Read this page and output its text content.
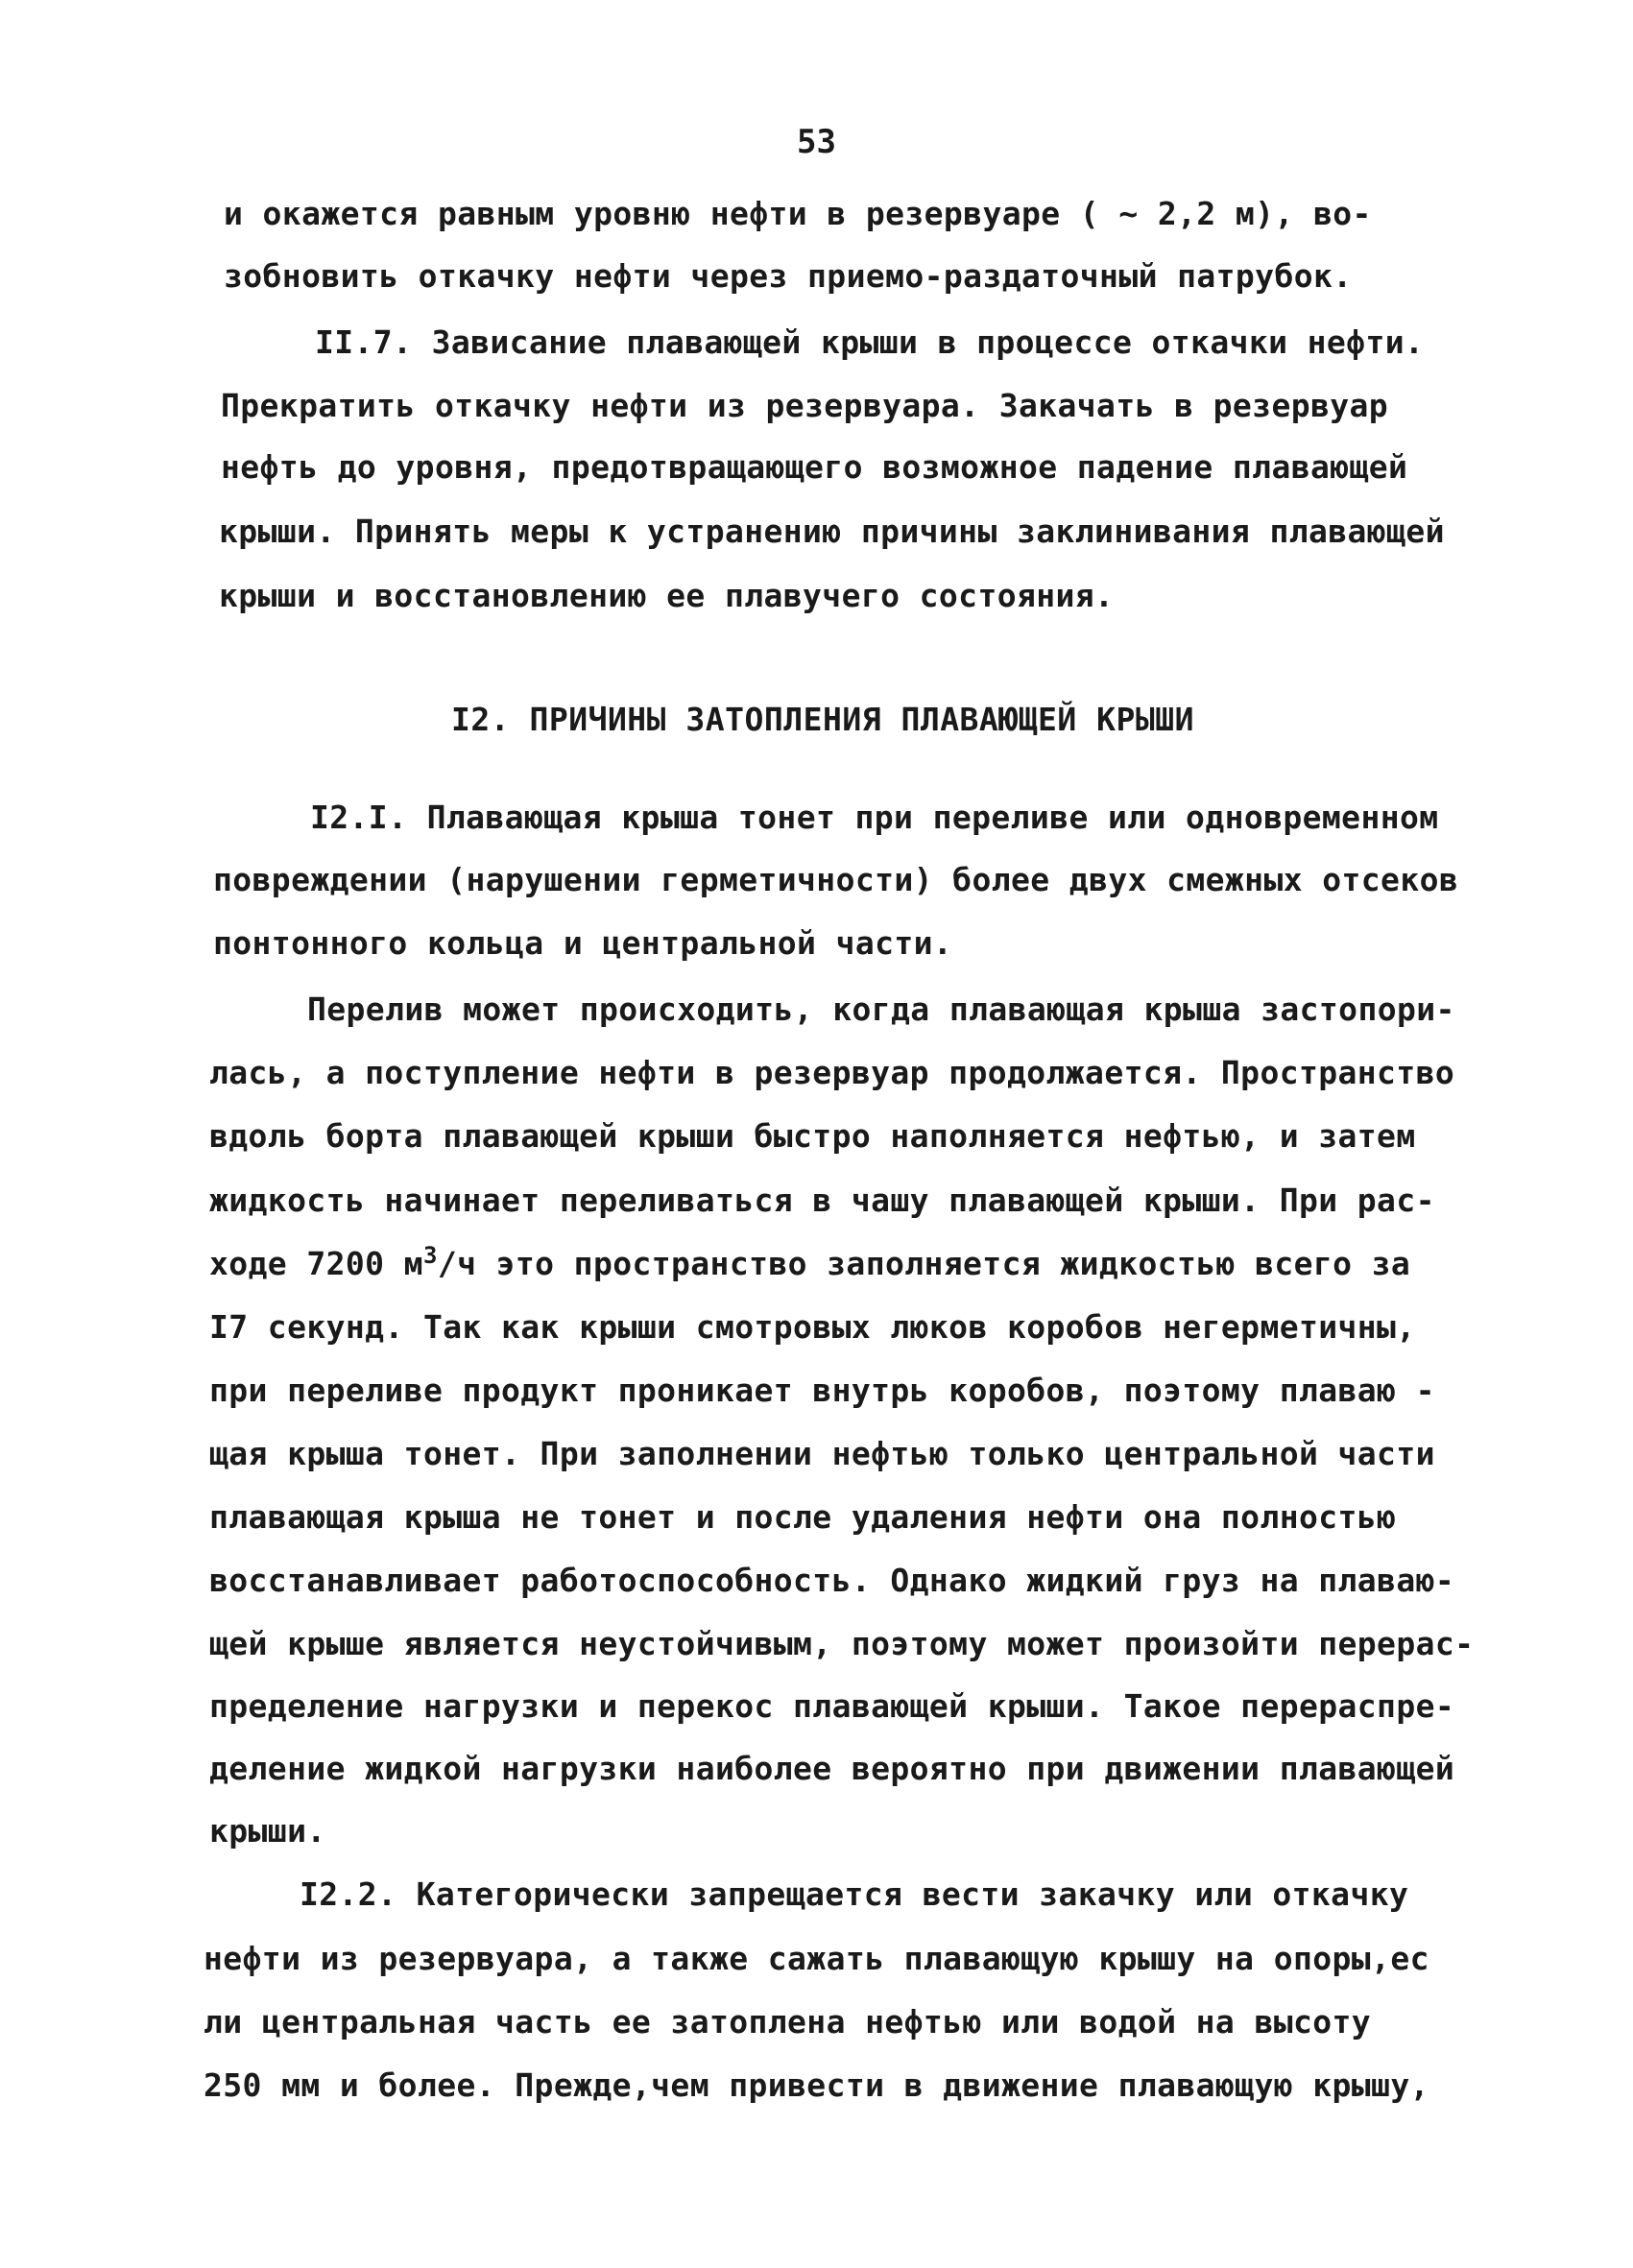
53
и окажется равным уровню нефти в резервуаре ( ~ 2,2 м), во-
зобновить откачку нефти через приемо-раздаточный патрубок.
II.7. Зависание плавающей крыши в процессе откачки нефти.
Прекратить откачку нефти из резервуара. Закачать в резервуар
нефть до уровня, предотвращающего возможное падение плавающей
крыши. Принять меры к устранению причины заклинивания плавающей
крыши и восстановлению ее плавучего состояния.
I2. ПРИЧИНЫ ЗАТОПЛЕНИЯ ПЛАВАЮЩЕЙ КРЫШИ
I2.I. Плавающая крыша тонет при переливе или одновременном
повреждении (нарушении герметичности) более двух смежных отсеков
понтонного кольца и центральной части.
Перелив может происходить, когда плавающая крыша застопори-
лась, а поступление нефти в резервуар продолжается. Пространство
вдоль борта плавающей крыши быстро наполняется нефтью, и затем
жидкость начинает переливаться в чашу плавающей крыши. При рас-
ходе 7200 $м^3/ч$ это пространство заполняется жидкостью всего за
I7 секунд. Так как крыши смотровых люков коробов негерметичны,
при переливе продукт проникает внутрь коробов, поэтому плаваю -
щая крыша тонет. При заполнении нефтью только центральной части
плавающая крыша не тонет и после удаления нефти она полностью
восстанавливает работоспособность. Однако жидкий груз на плаваю-
щей крыше является неустойчивым, поэтому может произойти перерас-
пределение нагрузки и перекос плавающей крыши. Такое перераспре-
деление жидкой нагрузки наиболее вероятно при движении плавающей
крыши.
I2.2. Категорически запрещается вести закачку или откачку
нефти из резервуара, а также сажать плавающую крышу на опоры,ес
ли центральная часть ее затоплена нефтью или водой на высоту
250 мм и более. Прежде,чем привести в движение плавающую крышу,
